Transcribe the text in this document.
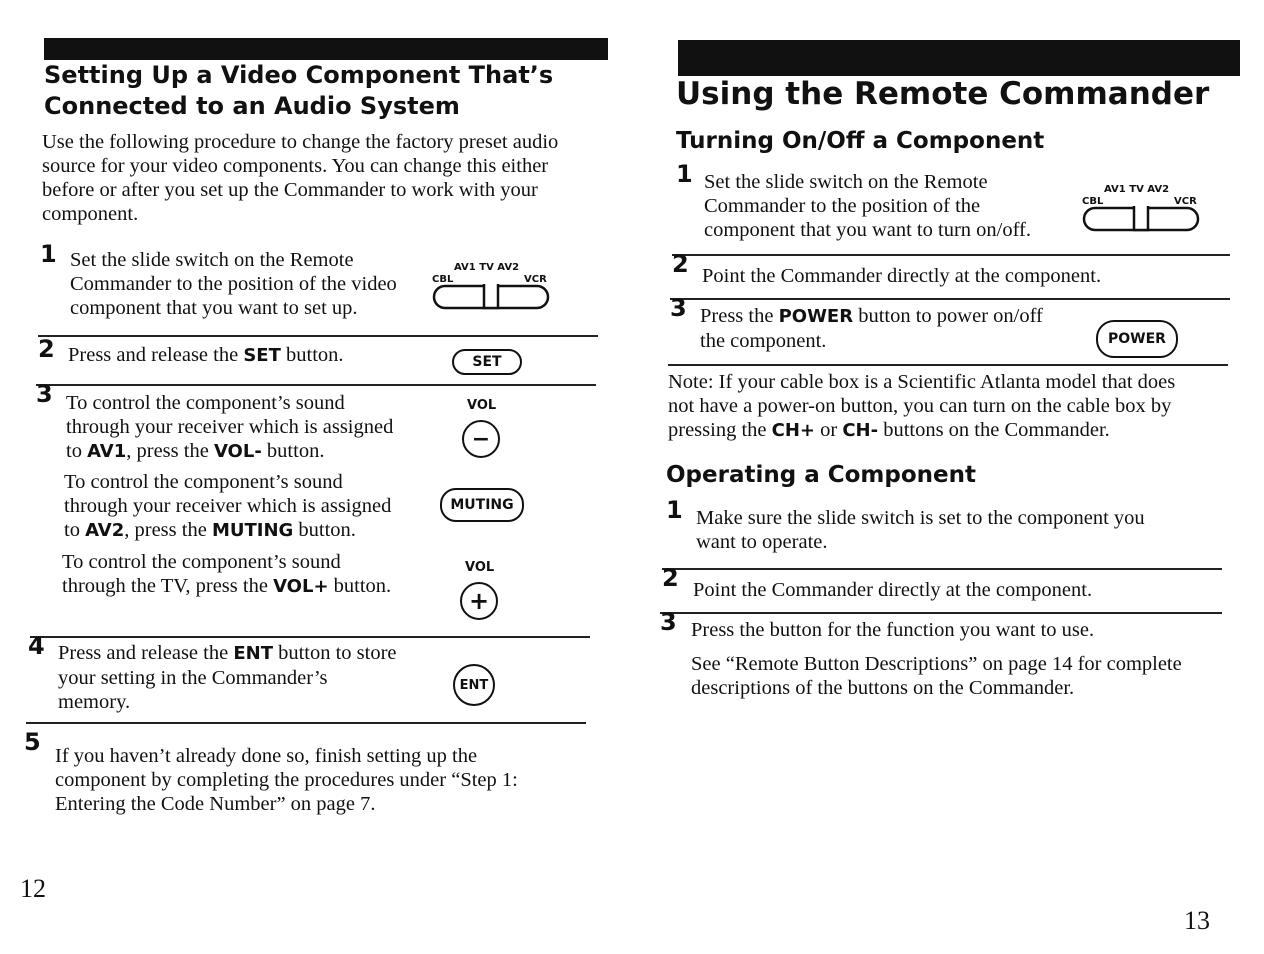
Setting Up a Video Component That’s
Connected to an Audio System
Use the following procedure to change the factory preset audio
source for your video components. You can change this either
before or after you set up the Commander to work with your
component.
1 Set the slide switch on the Remote
Commander to the position of the video
component that you want to set up.
AV1 TV AV2
CBL	VCR
2 Press and release the SET button.	SET
3 To control the component’s sound
through your receiver which is assigned
to AV1, press the VOL- button.
VOL
−
To control the component’s sound
through your receiver which is assigned
to AV2, press the MUTING button.
MUTING
To control the component’s sound
through the TV, press the VOL+ button.
VOL
+
4 Press and release the ENT button to store
your setting in the Commander’s
memory.
ENT
5 If you haven’t already done so, finish setting up the
component by completing the procedures under “Step 1:
Entering the Code Number” on page 7.
12
Using the Remote Commander
Turning On/Off a Component
1 Set the slide switch on the Remote
Commander to the position of the
component that you want to turn on/off.
AV1 TV AV2
CBL	VCR
2 Point the Commander directly at the component.
3 Press the POWER button to power on/off
the component.	POWER
Note: If your cable box is a Scientific Atlanta model that does
not have a power-on button, you can turn on the cable box by
pressing the CH+ or CH- buttons on the Commander.
Operating a Component
1 Make sure the slide switch is set to the component you
want to operate.
2 Point the Commander directly at the component.
3 Press the button for the function you want to use.
See “Remote Button Descriptions” on page 14 for complete
descriptions of the buttons on the Commander.
13
